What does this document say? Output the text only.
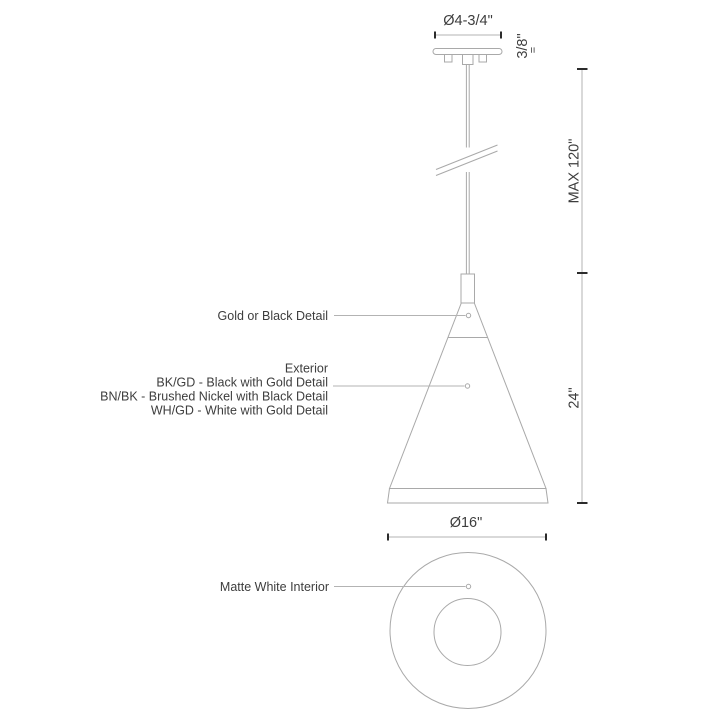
Ø4-3/4"
3/8"
=
MAX 120"
24"
Ø16"
Gold or Black Detail
Exterior
BK/GD - Black with Gold Detail
BN/BK - Brushed Nickel with Black Detail
WH/GD - White with Gold Detail
Matte White Interior
